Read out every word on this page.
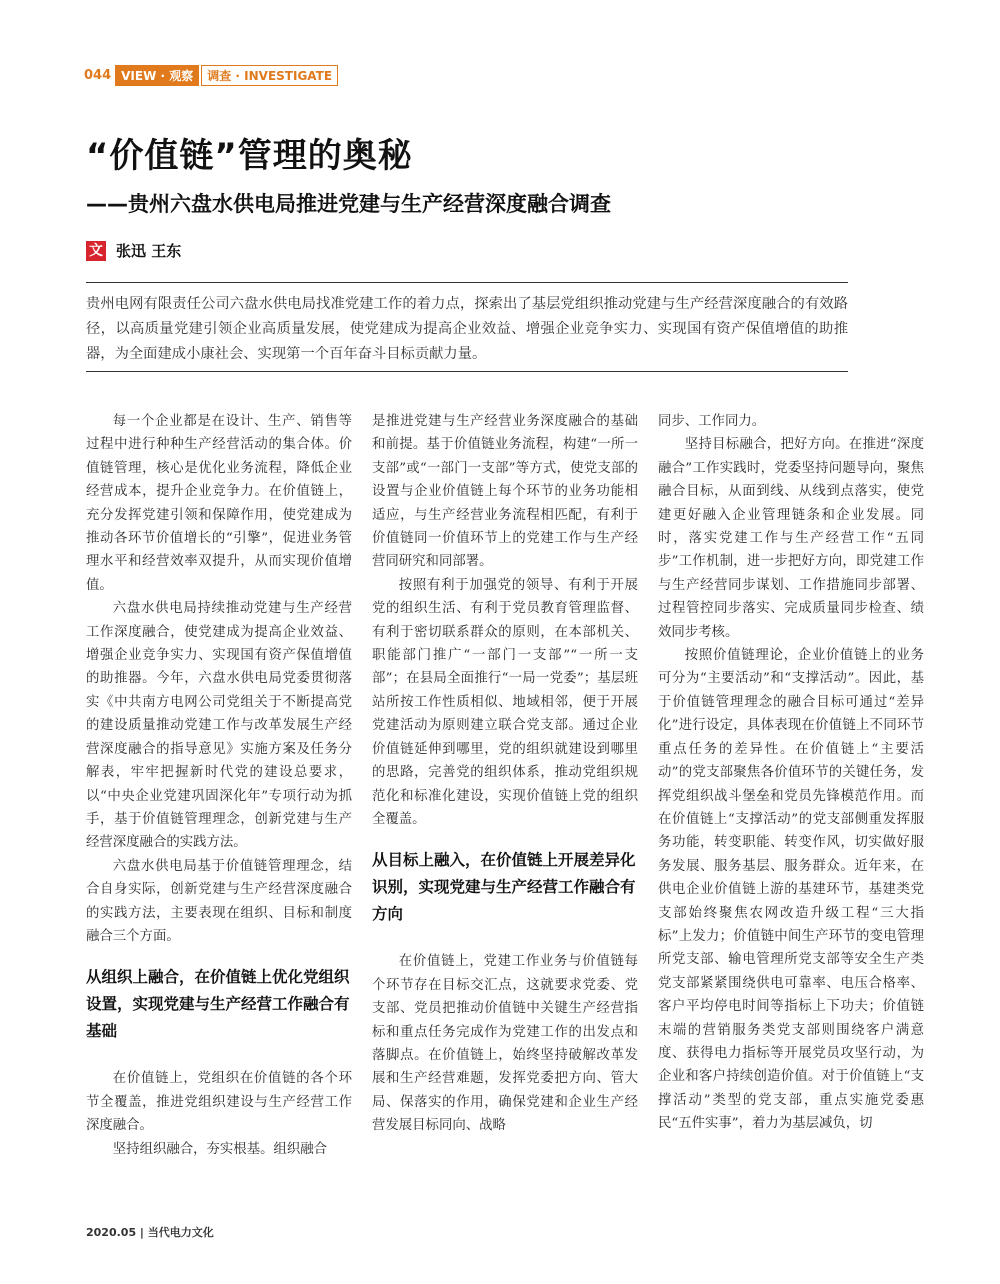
044 VIEW · 观察	调查 · INVESTIGATE
“价值链”管理的奥秘
——贵州六盘水供电局推进党建与生产经营深度融合调查
文 张迅 王东
贵州电网有限责任公司六盘水供电局找准党建工作的着力点，探索出了基层党组织推动党建与生产经营深度融合的有效路径，以高质量党建引领企业高质量发展，使党建成为提高企业效益、增强企业竞争实力、实现国有资产保值增值的助推器，为全面建成小康社会、实现第一个百年奋斗目标贡献力量。

每一个企业都是在设计、生产、销售等过程中进行种种生产经营活动的集合体。价值链管理，核心是优化业务流程，降低企业经营成本，提升企业竞争力。在价值链上，充分发挥党建引领和保障作用，使党建成为推动各环节价值增长的“引擎”，促进业务管理水平和经营效率双提升，从而实现价值增值。

六盘水供电局持续推动党建与生产经营工作深度融合，使党建成为提高企业效益、增强企业竞争实力、实现国有资产保值增值的助推器。今年，六盘水供电局党委贯彻落实《中共南方电网公司党组关于不断提高党的建设质量推动党建工作与改革发展生产经营深度融合的指导意见》实施方案及任务分解表，牢牢把握新时代党的建设总要求，以“中央企业党建巩固深化年”专项行动为抓手，基于价值链管理理念，创新党建与生产经营深度融合的实践方法。

六盘水供电局基于价值链管理理念，结合自身实际，创新党建与生产经营深度融合的实践方法，主要表现在组织、目标和制度融合三个方面。

从组织上融合，在价值链上优化党组织设置，实现党建与生产经营工作融合有基础

在价值链上，党组织在价值链的各个环节全覆盖，推进党组织建设与生产经营工作深度融合。

坚持组织融合，夯实根基。组织融合

是推进党建与生产经营业务深度融合的基础和前提。基于价值链业务流程，构建“一所一支部”或“一部门一支部”等方式，使党支部的设置与企业价值链上每个环节的业务功能相适应，与生产经营业务流程相匹配，有利于价值链同一价值环节上的党建工作与生产经营同研究和同部署。

按照有利于加强党的领导、有利于开展党的组织生活、有利于党员教育管理监督、有利于密切联系群众的原则，在本部机关、职能部门推广“一部门一支部”“一所一支部”；在县局全面推行“一局一党委”；基层班站所按工作性质相似、地域相邻，便于开展党建活动为原则建立联合党支部。通过企业价值链延伸到哪里，党的组织就建设到哪里的思路，完善党的组织体系，推动党组织规范化和标准化建设，实现价值链上党的组织全覆盖。

从目标上融入，在价值链上开展差异化识别，实现党建与生产经营工作融合有方向

在价值链上，党建工作业务与价值链每个环节存在目标交汇点，这就要求党委、党支部、党员把推动价值链中关键生产经营指标和重点任务完成作为党建工作的出发点和落脚点。在价值链上，始终坚持破解改革发展和生产经营难题，发挥党委把方向、管大局、保落实的作用，确保党建和企业生产经营发展目标同向、战略

同步、工作同力。

坚持目标融合，把好方向。在推进“深度融合”工作实践时，党委坚持问题导向，聚焦融合目标，从面到线、从线到点落实，使党建更好融入企业管理链条和企业发展。同时，落实党建工作与生产经营工作“五同步”工作机制，进一步把好方向，即党建工作与生产经营同步谋划、工作措施同步部署、过程管控同步落实、完成质量同步检查、绩效同步考核。

按照价值链理论，企业价值链上的业务可分为“主要活动”和“支撑活动”。因此，基于价值链管理理念的融合目标可通过“差异化”进行设定，具体表现在价值链上不同环节重点任务的差异性。在价值链上“主要活动”的党支部聚焦各价值环节的关键任务，发挥党组织战斗堡垒和党员先锋模范作用。而在价值链上“支撑活动”的党支部侧重发挥服务功能，转变职能、转变作风，切实做好服务发展、服务基层、服务群众。近年来，在供电企业价值链上游的基建环节，基建类党支部始终聚焦农网改造升级工程“三大指标”上发力；价值链中间生产环节的变电管理所党支部、输电管理所党支部等安全生产类党支部紧紧围绕供电可靠率、电压合格率、客户平均停电时间等指标上下功夫；价值链末端的营销服务类党支部则围绕客户满意度、获得电力指标等开展党员攻坚行动，为企业和客户持续创造价值。对于价值链上“支撑活动”类型的党支部，重点实施党委惠民“五件实事”，着力为基层减负，切

2020.05 | 当代电力文化
